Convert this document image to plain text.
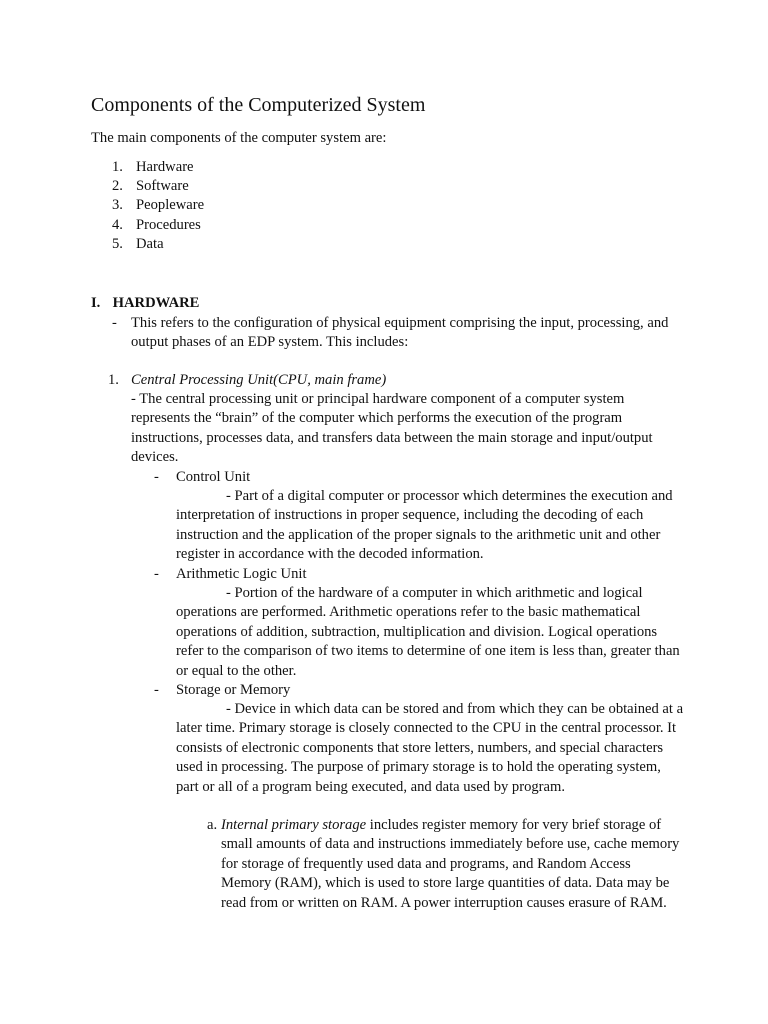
Components of the Computerized System
The main components of the computer system are:
1. Hardware
2. Software
3. Peopleware
4. Procedures
5. Data
I. HARDWARE
- This refers to the configuration of physical equipment comprising the input, processing, and output phases of an EDP system. This includes:

1. Central Processing Unit(CPU, main frame)

- The central processing unit or principal hardware component of a computer system represents the “brain” of the computer which performs the execution of the program instructions, processes data, and transfers data between the main storage and input/output devices.

- Control Unit

- Part of a digital computer or processor which determines the execution and interpretation of instructions in proper sequence, including the decoding of each instruction and the application of the proper signals to the arithmetic unit and other register in accordance with the decoded information.

- Arithmetic Logic Unit

- Portion of the hardware of a computer in which arithmetic and logical operations are performed. Arithmetic operations refer to the basic mathematical operations of addition, subtraction, multiplication and division. Logical operations refer to the comparison of two items to determine of one item is less than, greater than or equal to the other.

- Storage or Memory

- Device in which data can be stored and from which they can be obtained at a later time. Primary storage is closely connected to the CPU in the central processor. It consists of electronic components that store letters, numbers, and special characters used in processing. The purpose of primary storage is to hold the operating system, part or all of a program being executed, and data used by program.

a. Internal primary storage includes register memory for very brief storage of small amounts of data and instructions immediately before use, cache memory for storage of frequently used data and programs, and Random Access Memory (RAM), which is used to store large quantities of data. Data may be read from or written on RAM. A power interruption causes erasure of RAM.
